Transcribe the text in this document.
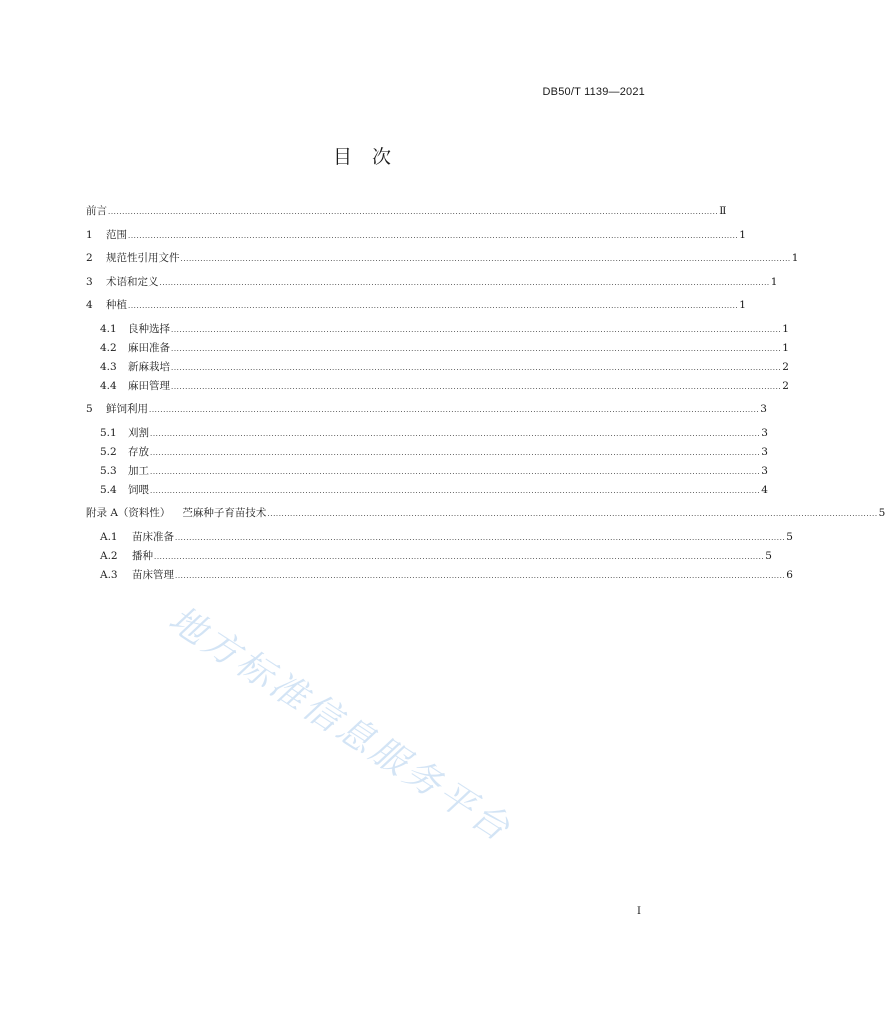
DB50/T 1139—2021
目次
前言 ........................................................................................................................................................................................................................ Ⅱ
1	范围 ........................................................................................................................................................................................................................ 1
2	规范性引用文件 ........................................................................................................................................................................................................................ 1
3	术语和定义 ........................................................................................................................................................................................................................ 1
4	种植 ........................................................................................................................................................................................................................ 1
4.1	良种选择 ........................................................................................................................................................................................................................ 1
4.2	麻田准备 ........................................................................................................................................................................................................................ 1
4.3	新麻栽培 ........................................................................................................................................................................................................................ 2
4.4	麻田管理 ........................................................................................................................................................................................................................ 2
5	鲜饲利用 ........................................................................................................................................................................................................................ 3
5.1	刈割 ........................................................................................................................................................................................................................ 3
5.2	存放 ........................................................................................................................................................................................................................ 3
5.3	加工 ........................................................................................................................................................................................................................ 3
5.4	饲喂 ........................................................................................................................................................................................................................ 4
附录 A（资料性） 苎麻种子育苗技术 ........................................................................................................................................................................................................................ 5
A.1	苗床准备 ........................................................................................................................................................................................................................ 5
A.2	播种 ........................................................................................................................................................................................................................ 5
A.3	苗床管理 ........................................................................................................................................................................................................................ 6
地方标准信息服务平台
I
